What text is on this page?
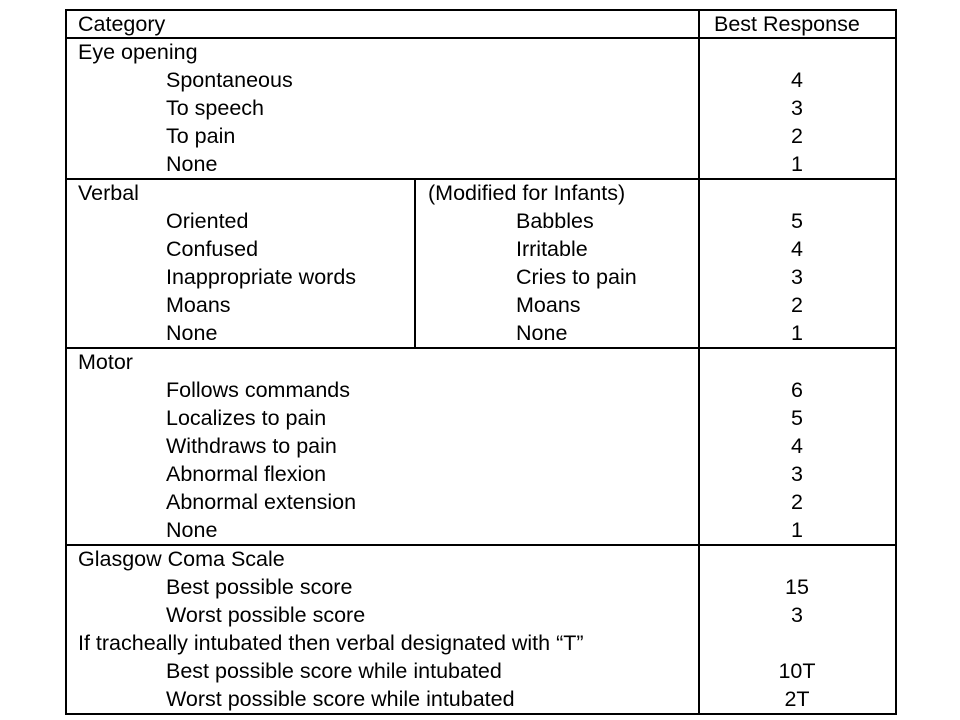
Category	Best Response
Eye opening
Spontaneous	4
To speech	3
To pain	2
None	1
Verbal	(Modified for Infants)
Oriented	Babbles	5
Confused	Irritable	4
Inappropriate words	Cries to pain	3
Moans	Moans	2
None	None	1
Motor
Follows commands	6
Localizes to pain	5
Withdraws to pain	4
Abnormal flexion	3
Abnormal extension	2
None	1
Glasgow Coma Scale
Best possible score	15
Worst possible score	3
If tracheally intubated then verbal designated with “T”
Best possible score while intubated	10T
Worst possible score while intubated	2T
